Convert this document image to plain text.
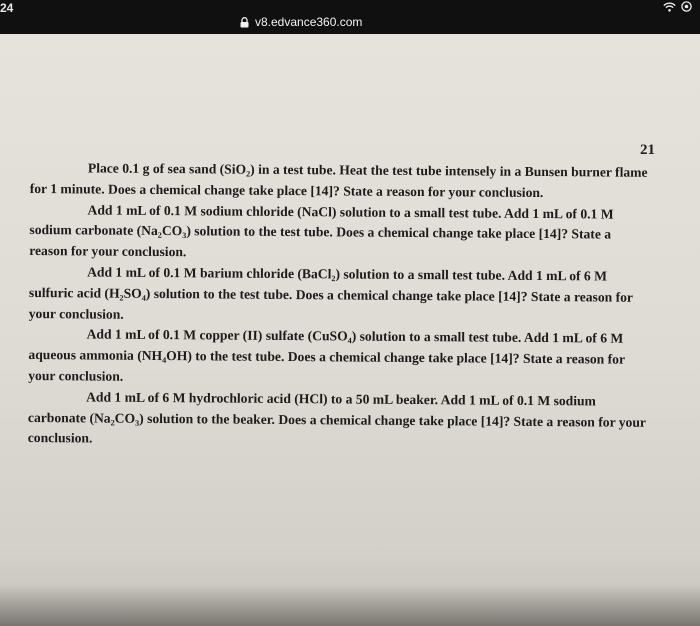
24
v8.edvance360.com
21

Place 0.1 g of sea sand (SiO₂) in a test tube. Heat the test tube intensely in a Bunsen burner flame for 1 minute. Does a chemical change take place [14]? State a reason for your conclusion.

Add 1 mL of 0.1 M sodium chloride (NaCl) solution to a small test tube. Add 1 mL of 0.1 M sodium carbonate (Na₂CO₃) solution to the test tube. Does a chemical change take place [14]? State a reason for your conclusion.

Add 1 mL of 0.1 M barium chloride (BaCl₂) solution to a small test tube. Add 1 mL of 6 M sulfuric acid (H₂SO₄) solution to the test tube. Does a chemical change take place [14]? State a reason for your conclusion.

Add 1 mL of 0.1 M copper (II) sulfate (CuSO₄) solution to a small test tube. Add 1 mL of 6 M aqueous ammonia (NH₄OH) to the test tube. Does a chemical change take place [14]? State a reason for your conclusion.

Add 1 mL of 6 M hydrochloric acid (HCl) to a 50 mL beaker. Add 1 mL of 0.1 M sodium carbonate (Na₂CO₃) solution to the beaker. Does a chemical change take place [14]? State a reason for your conclusion.
